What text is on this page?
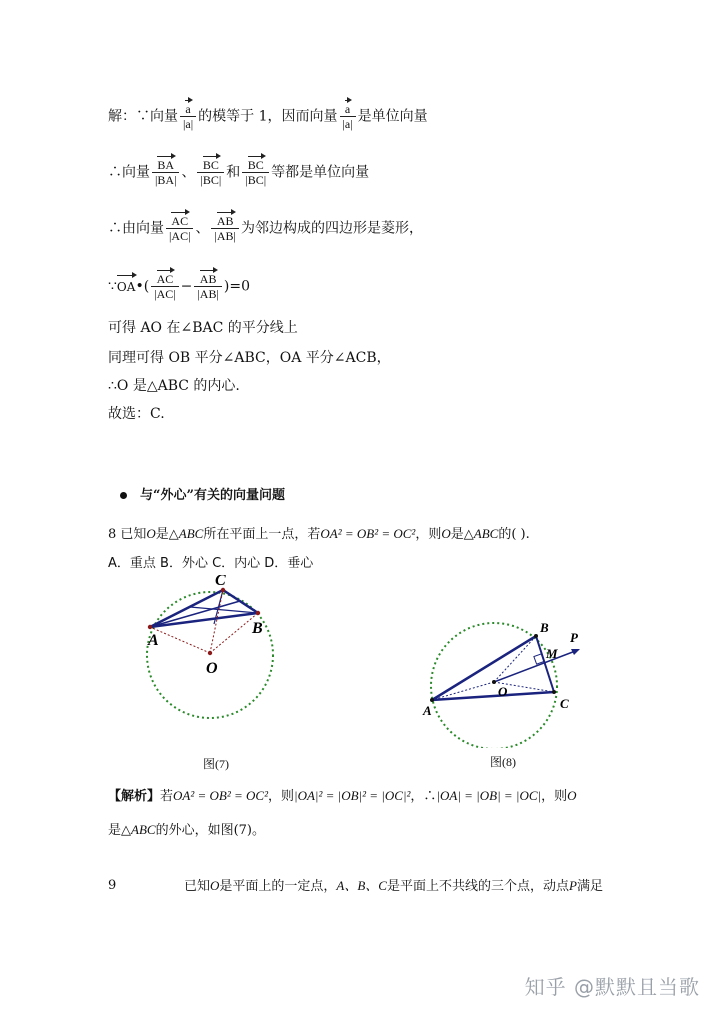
解：∵向量 $\frac{a}{|a|}$ 的模等于 1，因而向量 $\frac{a}{|a|}$ 是单位向量
∴向量 $\frac{BA}{|BA|}$ 、 $\frac{BC}{|BC|}$ 和 $\frac{BC}{|BC|}$ 等都是单位向量
∴由向量 $\frac{AC}{|AC|}$ 、 $\frac{AB}{|AB|}$ 为邻边构成的四边形是菱形，
∵OA•( $\frac{AC}{|AC|} - \frac{AB}{|AB|} )=0$
可得 AO 在∠BAC 的平分线上
同理可得 OB 平分∠ABC，OA 平分∠ACB，
∴O 是△ABC 的内心.
故选：C.
与“外心”有关的向量问题
8 已知O是△ABC所在平面上一点，若OA² = OB² = OC²，则O是△ABC的( ).
A．重点 B．外心 C．内心 D．垂心
A
B
C
O
图(7)
A
B
C
O
M
P
图(8)
【解析】若OA² = OB² = OC²，则|OA|² = |OB|² = |OC|²，∴|OA| = |OB| = |OC|，则O
是△ABC的外心，如图(7)。
9	已知O是平面上的一定点，A、B、C是平面上不共线的三个点，动点P满足
知乎 @默默且当歌
